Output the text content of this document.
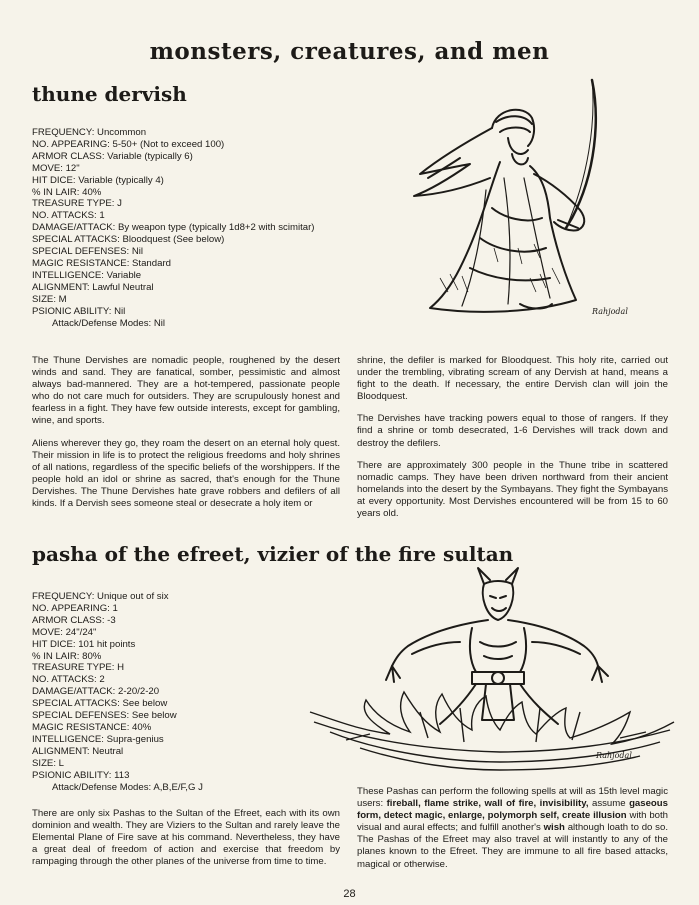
monsters, creatures, and men
thune dervish
FREQUENCY: Uncommon
NO. APPEARING: 5-50+ (Not to exceed 100)
ARMOR CLASS: Variable (typically 6)
MOVE: 12"
HIT DICE: Variable (typically 4)
% IN LAIR: 40%
TREASURE TYPE: J
NO. ATTACKS: 1
DAMAGE/ATTACK: By weapon type (typically 1d8+2 with scimitar)
SPECIAL ATTACKS: Bloodquest (See below)
SPECIAL DEFENSES: Nil
MAGIC RESISTANCE: Standard
INTELLIGENCE: Variable
ALIGNMENT: Lawful Neutral
SIZE: M
PSIONIC ABILITY: Nil
Attack/Defense Modes: Nil
Rahjodal

The Thune Dervishes are nomadic people, roughened by the desert winds and sand. They are fanatical, somber, pessimistic and almost always bad-mannered. They are a hot-tempered, passionate people who do not care much for outsiders. They are scrupulously honest and fearless in a fight. They have few outside interests, except for gambling, wine, and sports.

Aliens wherever they go, they roam the desert on an eternal holy quest. Their mission in life is to protect the religious freedoms and holy shrines of all nations, regardless of the specific beliefs of the worshippers. If the people hold an idol or shrine as sacred, that's enough for the Thune Dervishes. The Thune Dervishes hate grave robbers and defilers of all kinds. If a Dervish sees someone steal or desecrate a holy item or

shrine, the defiler is marked for Bloodquest. This holy rite, carried out under the trembling, vibrating scream of any Dervish at hand, means a fight to the death. If necessary, the entire Dervish clan will join the Bloodquest.

The Dervishes have tracking powers equal to those of rangers. If they find a shrine or tomb desecrated, 1-6 Dervishes will track down and destroy the defilers.

There are approximately 300 people in the Thune tribe in scattered nomadic camps. They have been driven northward from their ancient homelands into the desert by the Symbayans. They fight the Symbayans at every opportunity. Most Dervishes encountered will be from 15 to 60 years old.

pasha of the efreet, vizier of the fire sultan
FREQUENCY: Unique out of six
NO. APPEARING: 1
ARMOR CLASS: -3
MOVE: 24"/24"
HIT DICE: 101 hit points
% IN LAIR: 80%
TREASURE TYPE: H
NO. ATTACKS: 2
DAMAGE/ATTACK: 2-20/2-20
SPECIAL ATTACKS: See below
SPECIAL DEFENSES: See below
MAGIC RESISTANCE: 40%
INTELLIGENCE: Supra-genius
ALIGNMENT: Neutral
SIZE: L
PSIONIC ABILITY: 113
Attack/Defense Modes: A,B,E/F,G J
Rahjodal

There are only six Pashas to the Sultan of the Efreet, each with its own dominion and wealth. They are Viziers to the Sultan and rarely leave the Elemental Plane of Fire save at his command. Nevertheless, they have a great deal of freedom of action and exercise that freedom by rampaging through the other planes of the universe from time to time.

These Pashas can perform the following spells at will as 15th level magic users: fireball, flame strike, wall of fire, invisibility, assume gaseous form, detect magic, enlarge, polymorph self, create illusion with both visual and aural effects; and fulfill another's wish although loath to do so. The Pashas of the Efreet may also travel at will instantly to any of the planes known to the Efreet. They are immune to all fire based attacks, magical or otherwise.

28
